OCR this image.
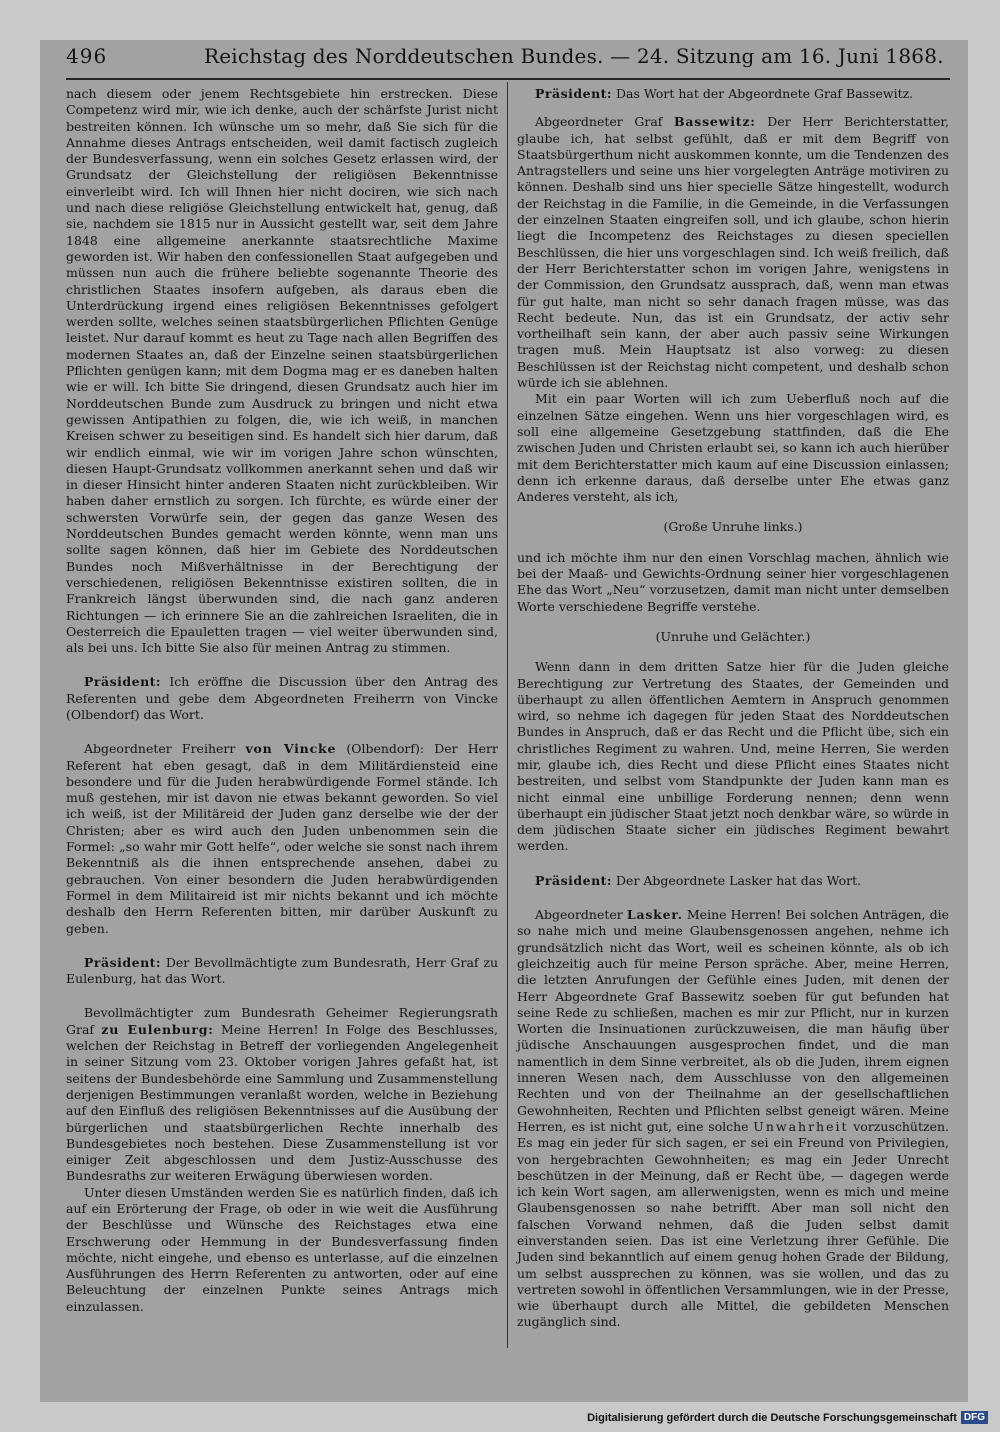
496	Reichstag des Norddeutschen Bundes. — 24. Sitzung am 16. Juni 1868.

nach diesem oder jenem Rechtsgebiete hin erstrecken. Diese Competenz wird mir, wie ich denke, auch der schärfste Jurist nicht bestreiten können. Ich wünsche um so mehr, daß Sie sich für die Annahme dieses Antrags entscheiden, weil damit factisch zugleich der Bundesverfassung, wenn ein solches Gesetz erlassen wird, der Grundsatz der Gleichstellung der religiösen Bekenntnisse einverleibt wird. Ich will Ihnen hier nicht dociren, wie sich nach und nach diese religiöse Gleichstellung entwickelt hat, genug, daß sie, nachdem sie 1815 nur in Aussicht gestellt war, seit dem Jahre 1848 eine allgemeine anerkannte staatsrechtliche Maxime geworden ist. Wir haben den confessionellen Staat aufgegeben und müssen nun auch die frühere beliebte sogenannte Theorie des christlichen Staates insofern aufgeben, als daraus eben die Unterdrückung irgend eines religiösen Bekenntnisses gefolgert werden sollte, welches seinen staatsbürgerlichen Pflichten Genüge leistet. Nur darauf kommt es heut zu Tage nach allen Begriffen des modernen Staates an, daß der Einzelne seinen staatsbürgerlichen Pflichten genügen kann; mit dem Dogma mag er es daneben halten wie er will. Ich bitte Sie dringend, diesen Grundsatz auch hier im Norddeutschen Bunde zum Ausdruck zu bringen und nicht etwa gewissen Antipathien zu folgen, die, wie ich weiß, in manchen Kreisen schwer zu beseitigen sind. Es handelt sich hier darum, daß wir endlich einmal, wie wir im vorigen Jahre schon wünschten, diesen Haupt-Grundsatz vollkommen anerkannt sehen und daß wir in dieser Hinsicht hinter anderen Staaten nicht zurückbleiben. Wir haben daher ernstlich zu sorgen. Ich fürchte, es würde einer der schwersten Vorwürfe sein, der gegen das ganze Wesen des Norddeutschen Bundes gemacht werden könnte, wenn man uns sollte sagen können, daß hier im Gebiete des Norddeutschen Bundes noch Mißverhältnisse in der Berechtigung der verschiedenen, religiösen Bekenntnisse existiren sollten, die in Frankreich längst überwunden sind, die nach ganz anderen Richtungen — ich erinnere Sie an die zahlreichen Israeliten, die in Oesterreich die Epauletten tragen — viel weiter überwunden sind, als bei uns. Ich bitte Sie also für meinen Antrag zu stimmen.

Präsident: Ich eröffne die Discussion über den Antrag des Referenten und gebe dem Abgeordneten Freiherrn von Vincke (Olbendorf) das Wort.

Abgeordneter Freiherr von Vincke (Olbendorf): Der Herr Referent hat eben gesagt, daß in dem Militärdiensteid eine besondere und für die Juden herabwürdigende Formel stände. Ich muß gestehen, mir ist davon nie etwas bekannt geworden. So viel ich weiß, ist der Militäreid der Juden ganz derselbe wie der der Christen; aber es wird auch den Juden unbenommen sein die Formel: „so wahr mir Gott helfe“, oder welche sie sonst nach ihrem Bekenntniß als die ihnen entsprechende ansehen, dabei zu gebrauchen. Von einer besondern die Juden herabwürdigenden Formel in dem Militaireid ist mir nichts bekannt und ich möchte deshalb den Herrn Referenten bitten, mir darüber Auskunft zu geben.

Präsident: Der Bevollmächtigte zum Bundesrath, Herr Graf zu Eulenburg, hat das Wort.

Bevollmächtigter zum Bundesrath Geheimer Regierungsrath Graf zu Eulenburg: Meine Herren! In Folge des Beschlusses, welchen der Reichstag in Betreff der vorliegenden Angelegenheit in seiner Sitzung vom 23. Oktober vorigen Jahres gefaßt hat, ist seitens der Bundesbehörde eine Sammlung und Zusammenstellung derjenigen Bestimmungen veranlaßt worden, welche in Beziehung auf den Einfluß des religiösen Bekenntnisses auf die Ausübung der bürgerlichen und staatsbürgerlichen Rechte innerhalb des Bundesgebietes noch bestehen. Diese Zusammenstellung ist vor einiger Zeit abgeschlossen und dem Justiz-Ausschusse des Bundesraths zur weiteren Erwägung überwiesen worden.

Unter diesen Umständen werden Sie es natürlich finden, daß ich auf ein Erörterung der Frage, ob oder in wie weit die Ausführung der Beschlüsse und Wünsche des Reichstages etwa eine Erschwerung oder Hemmung in der Bundesverfassung finden möchte, nicht eingehe, und ebenso es unterlasse, auf die einzelnen Ausführungen des Herrn Referenten zu antworten, oder auf eine Beleuchtung der einzelnen Punkte seines Antrags mich einzulassen.

Präsident: Das Wort hat der Abgeordnete Graf Bassewitz.

Abgeordneter Graf Bassewitz: Der Herr Berichterstatter, glaube ich, hat selbst gefühlt, daß er mit dem Begriff von Staatsbürgerthum nicht auskommen konnte, um die Tendenzen des Antragstellers und seine uns hier vorgelegten Anträge motiviren zu können. Deshalb sind uns hier specielle Sätze hingestellt, wodurch der Reichstag in die Familie, in die Gemeinde, in die Verfassungen der einzelnen Staaten eingreifen soll, und ich glaube, schon hierin liegt die Incompetenz des Reichstages zu diesen speciellen Beschlüssen, die hier uns vorgeschlagen sind. Ich weiß freilich, daß der Herr Berichterstatter schon im vorigen Jahre, wenigstens in der Commission, den Grundsatz aussprach, daß, wenn man etwas für gut halte, man nicht so sehr danach fragen müsse, was das Recht bedeute. Nun, das ist ein Grundsatz, der activ sehr vortheilhaft sein kann, der aber auch passiv seine Wirkungen tragen muß. Mein Hauptsatz ist also vorweg: zu diesen Beschlüssen ist der Reichstag nicht competent, und deshalb schon würde ich sie ablehnen.

Mit ein paar Worten will ich zum Ueberfluß noch auf die einzelnen Sätze eingehen. Wenn uns hier vorgeschlagen wird, es soll eine allgemeine Gesetzgebung stattfinden, daß die Ehe zwischen Juden und Christen erlaubt sei, so kann ich auch hierüber mit dem Berichterstatter mich kaum auf eine Discussion einlassen; denn ich erkenne daraus, daß derselbe unter Ehe etwas ganz Anderes versteht, als ich,

(Große Unruhe links.)

und ich möchte ihm nur den einen Vorschlag machen, ähnlich wie bei der Maaß- und Gewichts-Ordnung seiner hier vorgeschlagenen Ehe das Wort „Neu“ vorzusetzen, damit man nicht unter demselben Worte verschiedene Begriffe verstehe.

(Unruhe und Gelächter.)

Wenn dann in dem dritten Satze hier für die Juden gleiche Berechtigung zur Vertretung des Staates, der Gemeinden und überhaupt zu allen öffentlichen Aemtern in Anspruch genommen wird, so nehme ich dagegen für jeden Staat des Norddeutschen Bundes in Anspruch, daß er das Recht und die Pflicht übe, sich ein christliches Regiment zu wahren. Und, meine Herren, Sie werden mir, glaube ich, dies Recht und diese Pflicht eines Staates nicht bestreiten, und selbst vom Standpunkte der Juden kann man es nicht einmal eine unbillige Forderung nennen; denn wenn überhaupt ein jüdischer Staat jetzt noch denkbar wäre, so würde in dem jüdischen Staate sicher ein jüdisches Regiment bewahrt werden.

Präsident: Der Abgeordnete Lasker hat das Wort.

Abgeordneter Lasker. Meine Herren! Bei solchen Anträgen, die so nahe mich und meine Glaubensgenossen angehen, nehme ich grundsätzlich nicht das Wort, weil es scheinen könnte, als ob ich gleichzeitig auch für meine Person spräche. Aber, meine Herren, die letzten Anrufungen der Gefühle eines Juden, mit denen der Herr Abgeordnete Graf Bassewitz soeben für gut befunden hat seine Rede zu schließen, machen es mir zur Pflicht, nur in kurzen Worten die Insinuationen zurückzuweisen, die man häufig über jüdische Anschauungen ausgesprochen findet, und die man namentlich in dem Sinne verbreitet, als ob die Juden, ihrem eignen inneren Wesen nach, dem Ausschlusse von den allgemeinen Rechten und von der Theilnahme an der gesellschaftlichen Gewohnheiten, Rechten und Pflichten selbst geneigt wären. Meine Herren, es ist nicht gut, eine solche Unwahrheit vorzuschützen. Es mag ein jeder für sich sagen, er sei ein Freund von Privilegien, von hergebrachten Gewohnheiten; es mag ein Jeder Unrecht beschützen in der Meinung, daß er Recht übe, — dagegen werde ich kein Wort sagen, am allerwenigsten, wenn es mich und meine Glaubensgenossen so nahe betrifft. Aber man soll nicht den falschen Vorwand nehmen, daß die Juden selbst damit einverstanden seien. Das ist eine Verletzung ihrer Gefühle. Die Juden sind bekanntlich auf einem genug hohen Grade der Bildung, um selbst aussprechen zu können, was sie wollen, und das zu vertreten sowohl in öffentlichen Versammlungen, wie in der Presse, wie überhaupt durch alle Mittel, die gebildeten Menschen zugänglich sind.

Digitalisierung gefördert durch die Deutsche Forschungsgemeinschaft DFG
